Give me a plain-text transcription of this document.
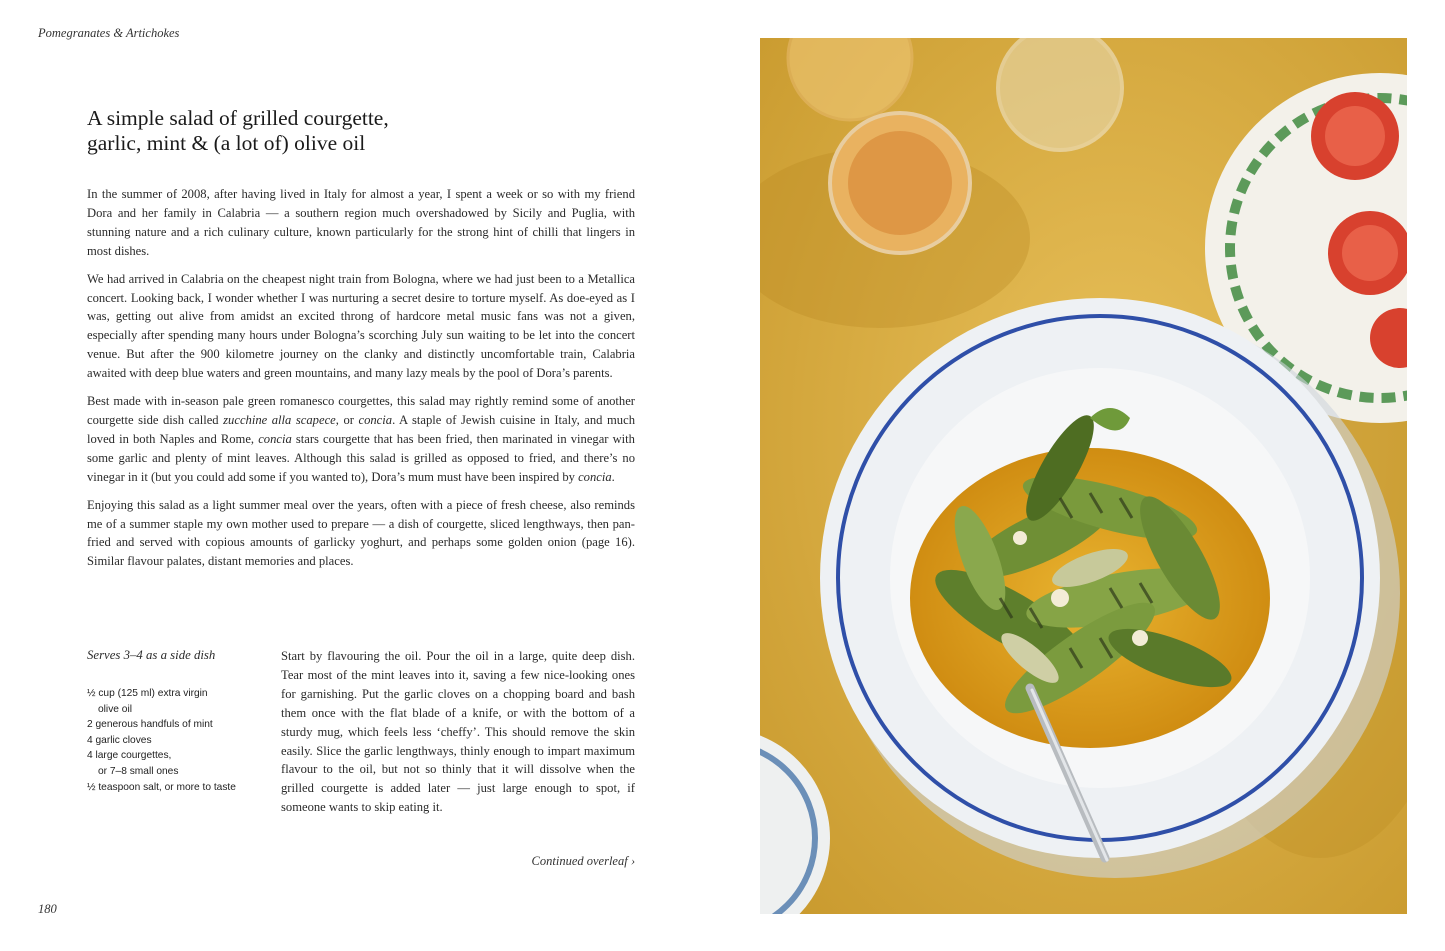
Pomegranates & Artichokes
A simple salad of grilled courgette,
garlic, mint & (a lot of) olive oil

In the summer of 2008, after having lived in Italy for almost a year, I spent a week or so with my friend Dora and her family in Calabria — a southern region much overshadowed by Sicily and Puglia, with stunning nature and a rich culinary culture, known particularly for the strong hint of chilli that lingers in most dishes.

We had arrived in Calabria on the cheapest night train from Bologna, where we had just been to a Metallica concert. Looking back, I wonder whether I was nurturing a secret desire to torture myself. As doe-eyed as I was, getting out alive from amidst an excited throng of hardcore metal music fans was not a given, especially after spending many hours under Bologna’s scorching July sun waiting to be let into the concert venue. But after the 900 kilometre journey on the clanky and distinctly uncomfortable train, Calabria awaited with deep blue waters and green mountains, and many lazy meals by the pool of Dora’s parents.

Best made with in-season pale green romanesco courgettes, this salad may rightly remind some of another courgette side dish called zucchine alla scapece, or concia. A staple of Jewish cuisine in Italy, and much loved in both Naples and Rome, concia stars courgette that has been fried, then marinated in vinegar with some garlic and plenty of mint leaves. Although this salad is grilled as opposed to fried, and there’s no vinegar in it (but you could add some if you wanted to), Dora’s mum must have been inspired by concia.

Enjoying this salad as a light summer meal over the years, often with a piece of fresh cheese, also reminds me of a summer staple my own mother used to prepare — a dish of courgette, sliced lengthways, then pan-fried and served with copious amounts of garlicky yoghurt, and perhaps some golden onion (page 16). Similar flavour palates, distant memories and places.

Serves 3–4 as a side dish
½ cup (125 ml) extra virgin
olive oil
2 generous handfuls of mint
4 garlic cloves
4 large courgettes,
or 7–8 small ones
½ teaspoon salt, or more to taste

Start by flavouring the oil. Pour the oil in a large, quite deep dish. Tear most of the mint leaves into it, saving a few nice-looking ones for garnishing. Put the garlic cloves on a chopping board and bash them once with the flat blade of a knife, or with the bottom of a sturdy mug, which feels less ‘cheffy’. This should remove the skin easily. Slice the garlic lengthways, thinly enough to impart maximum flavour to the oil, but not so thinly that it will dissolve when the grilled courgette is added later — just large enough to spot, if someone wants to skip eating it.

Continued overleaf ›
180
